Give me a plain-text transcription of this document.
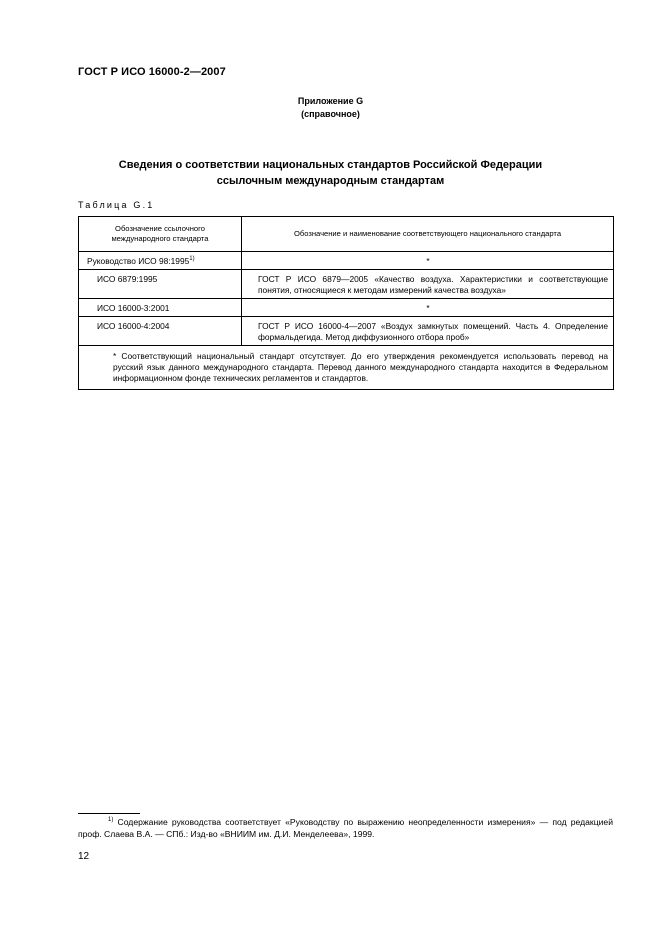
ГОСТ Р ИСО 16000-2—2007
Приложение G
(справочное)
Сведения о соответствии национальных стандартов Российской Федерации
ссылочным международным стандартам
Таблица G.1
Обозначение ссылочного международного стандарта	Обозначение и наименование соответствующего национального стандарта
Руководство ИСО 98:1995$^{1)}$	*
ИСО 6879:1995	ГОСТ Р ИСО 6879—2005 «Качество воздуха. Характеристики и соответствующие понятия, относящиеся к методам измерений качества воздуха»

ИСО 16000-3:2001	*
ИСО 16000-4:2004	ГОСТ Р ИСО 16000-4—2007 «Воздух замкнутых помещений. Часть 4. Определение формальдегида. Метод диффузионного отбора проб»

* Соответствующий национальный стандарт отсутствует. До его утверждения рекомендуется использовать перевод на русский язык данного международного стандарта. Перевод данного международного стандарта находится в Федеральном информационном фонде технических регламентов и стандартов.	
$^{1)}$ Содержание руководства соответствует «Руководству по выражению неопределенности измерения» — под редакцией проф. Слаева В.А. — СПб.: Изд-во «ВНИИМ им. Д.И. Менделеева», 1999.
12
